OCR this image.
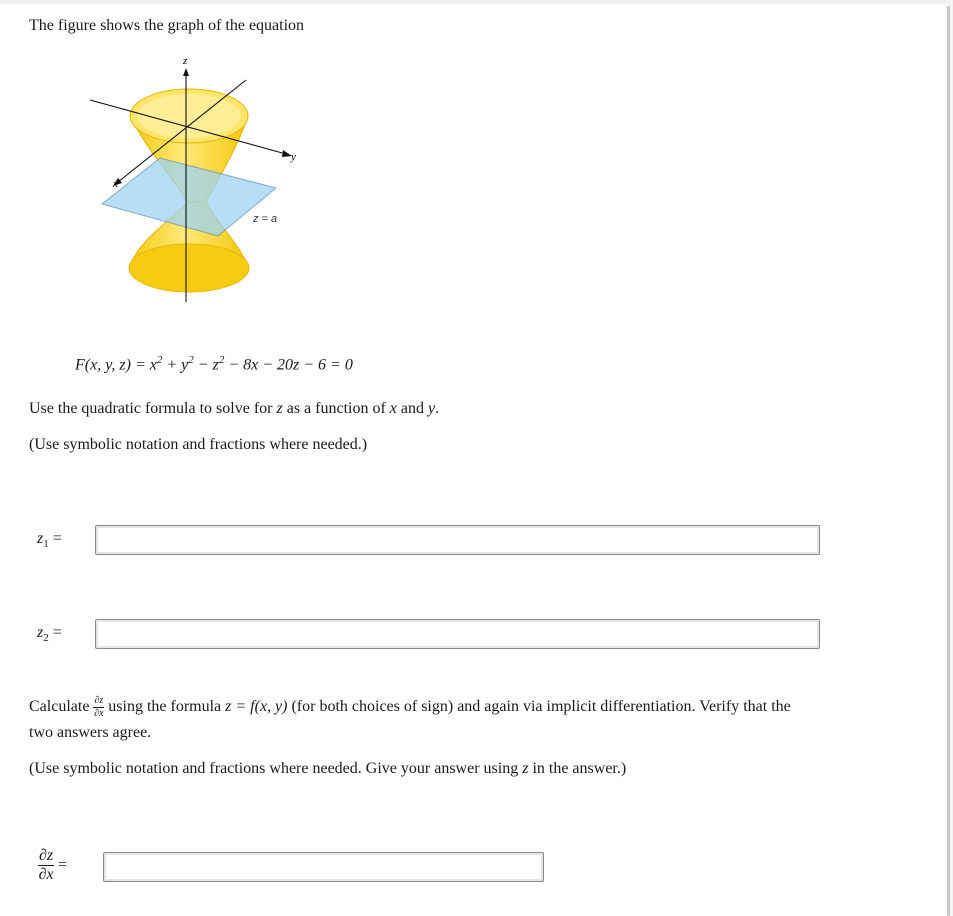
The figure shows the graph of the equation
z
y
x
z = a
F(x, y, $z) = x^2 + y^2 - z^2 - 8x - 20z - 6 = 0$
Use the quadratic formula to solve for z as a function of x and y.
(Use symbolic notation and fractions where needed.)
$z_1$ =
$z_2$ =
Calculate $\frac{\partial z}{\partial x}$ using the formula z = f(x, y) (for both choices of sign) and again via implicit differentiation. Verify that the
two answers agree.
(Use symbolic notation and fractions where needed. Give your answer using z in the answer.)
$\frac{\partial z}{\partial x}$ =
